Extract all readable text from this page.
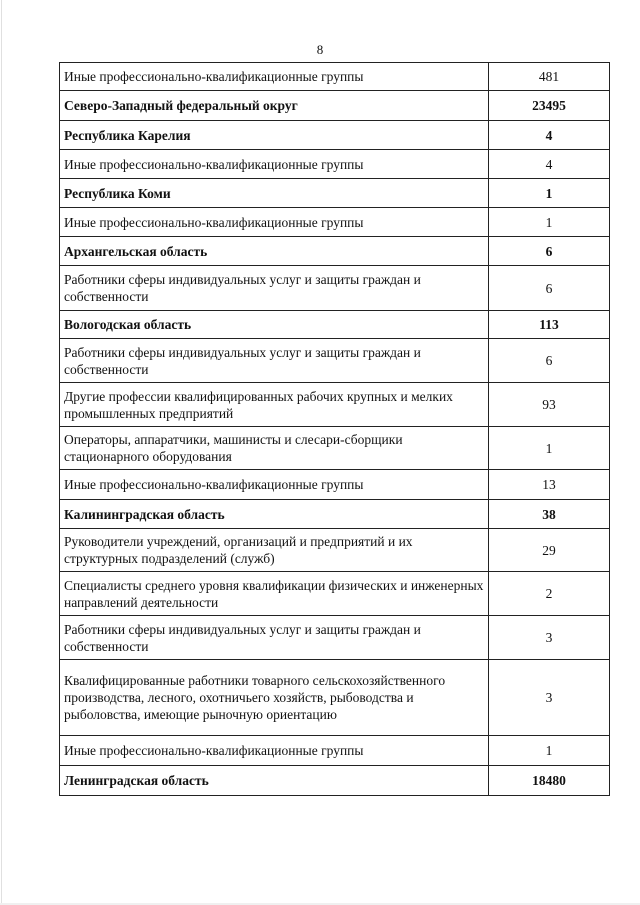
8
Иные профессионально-квалификационные группы	481
Северо-Западный федеральный округ	23495
Республика Карелия	4
Иные профессионально-квалификационные группы	4
Республика Коми	1
Иные профессионально-квалификационные группы	1
Архангельская область	6
Работники сферы индивидуальных услуг и защиты граждан и собственности	6
Вологодская область	113
Работники сферы индивидуальных услуг и защиты граждан и собственности	6
Другие профессии квалифицированных рабочих крупных и мелких промышленных предприятий	93
Операторы, аппаратчики, машинисты и слесари-сборщики стационарного оборудования	1
Иные профессионально-квалификационные группы	13
Калининградская область	38
Руководители учреждений, организаций и предприятий и их структурных подразделений (служб)	29
Специалисты среднего уровня квалификации физических и инженерных направлений деятельности	2
Работники сферы индивидуальных услуг и защиты граждан и собственности	3
Квалифицированные работники товарного сельскохозяйственного производства, лесного, охотничьего хозяйств, рыбоводства и рыболовства, имеющие рыночную ориентацию	3
Иные профессионально-квалификационные группы	1
Ленинградская область	18480
